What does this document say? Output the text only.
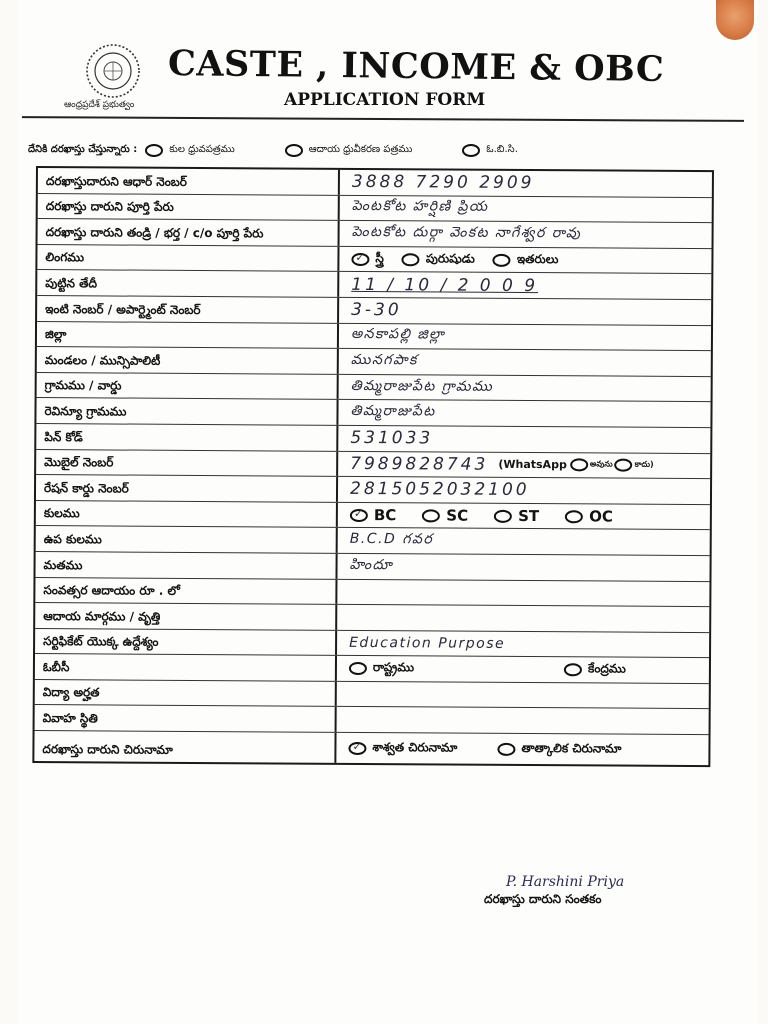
ఆంధ్రప్రదేశ్ ప్రభుత్వం
CASTE , INCOME & OBC
APPLICATION FORM
దేనికి దరఖాస్తు చేస్తున్నారు :	కుల ధ్రువపత్రము	ఆదాయ ధ్రువీకరణ పత్రము	ఓ.బి.సి.
దరఖాస్తుదారుని ఆధార్ నెంబర్	3888 7290 2909
దరఖాస్తు దారుని పూర్తి పేరు	పెంటకోట హర్షిణి ప్రియ
దరఖాస్తు దారుని తండ్రి / భర్త / c/o పూర్తి పేరు	పెంటకోట దుర్గా వెంకట నాగేశ్వర రావు
లింగము ✓	స్త్రీ	పురుషుడు	ఇతరులు
పుట్టిన తేదీ	11 / 10 / 2 0 0 9
ఇంటి నెంబర్ / అపార్ట్మెంట్ నెంబర్	3-30
జిల్లా	అనకాపల్లి జిల్లా
మండలం / మున్సిపాలిటీ	మునగపాక
గ్రామము / వార్డు	తిమ్మరాజుపేట గ్రామము
రెవిన్యూ గ్రామము	తిమ్మరాజుపేట
పిన్ కోడ్	531033
మొబైల్ నెంబర్	7989828743 (WhatsApp	అవును	కాదు)
రేషన్ కార్డు నెంబర్	2815052032100
కులము ✓	BC	SC	ST	OC
ఉప కులము	B.C.D గవర
మతము	హిందూ
సంవత్సర ఆదాయం రూ . లో
ఆదాయ మార్గము / వృత్తి
సర్టిఫికేట్ యొక్క ఉద్దేశ్యం	Education Purpose
ఓబీసీ	రాష్ట్రము	కేంద్రము
విద్యా అర్హత
వివాహ స్థితి
దరఖాస్తు దారుని చిరునామా ✓	శాశ్వత చిరునామా	తాత్కాలిక చిరునామా
P. Harshini Priya
దరఖాస్తు దారుని సంతకం
